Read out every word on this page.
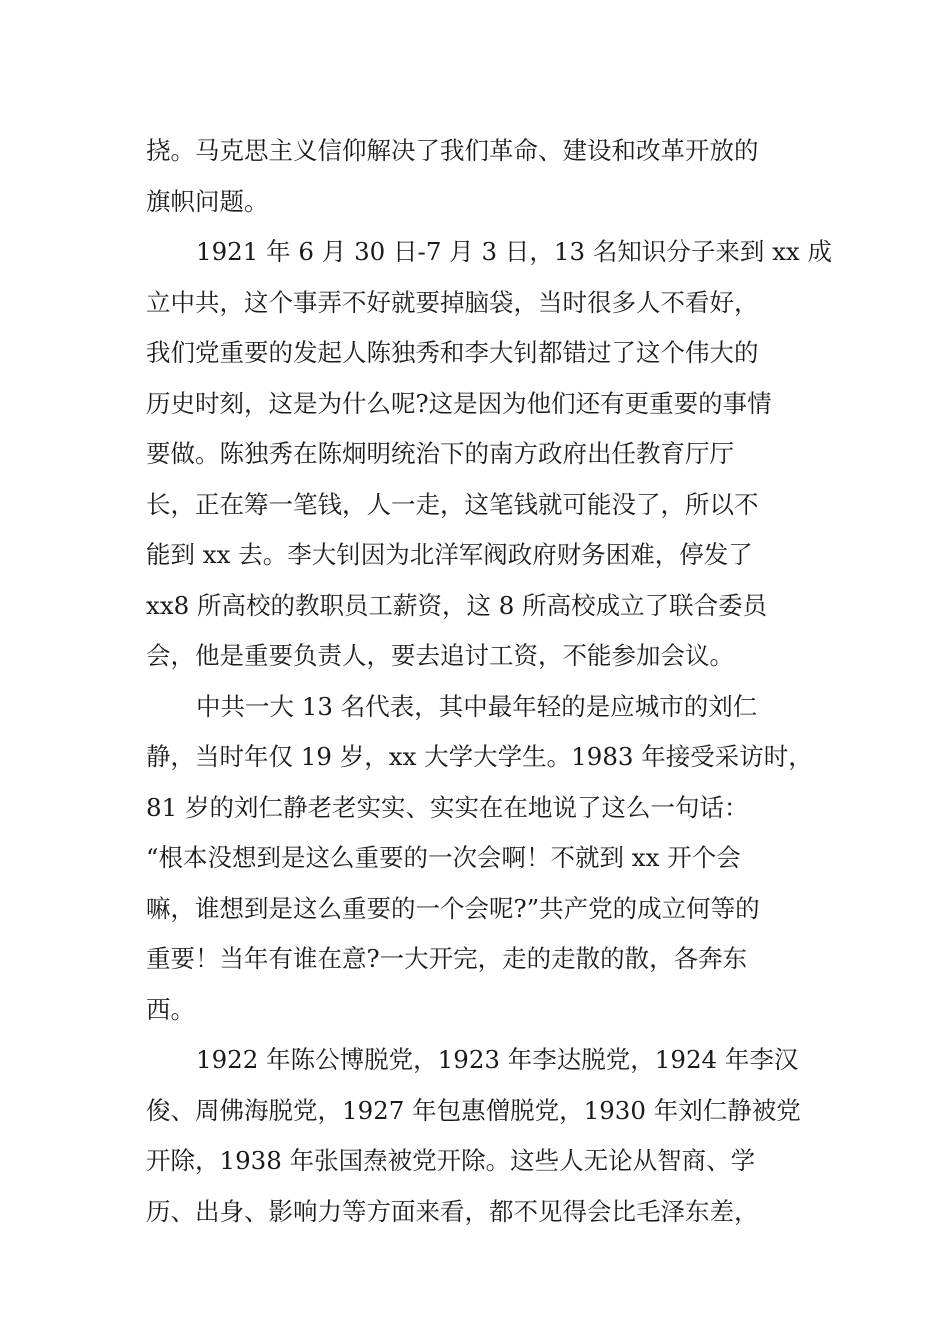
挠。马克思主义信仰解决了我们革命、建设和改革开放的
旗帜问题。
1921 年 6 月 30 日-7 月 3 日，13 名知识分子来到 xx 成
立中共，这个事弄不好就要掉脑袋，当时很多人不看好，
我们党重要的发起人陈独秀和李大钊都错过了这个伟大的
历史时刻，这是为什么呢?这是因为他们还有更重要的事情
要做。陈独秀在陈炯明统治下的南方政府出任教育厅厅
长，正在筹一笔钱，人一走，这笔钱就可能没了，所以不
能到 xx 去。李大钊因为北洋军阀政府财务困难，停发了
xx8 所高校的教职员工薪资，这 8 所高校成立了联合委员
会，他是重要负责人，要去追讨工资，不能参加会议。
中共一大 13 名代表，其中最年轻的是应城市的刘仁
静，当时年仅 19 岁，xx 大学大学生。1983 年接受采访时，
81 岁的刘仁静老老实实、实实在在地说了这么一句话：
“根本没想到是这么重要的一次会啊！不就到 xx 开个会
嘛，谁想到是这么重要的一个会呢?”共产党的成立何等的
重要！当年有谁在意?一大开完，走的走散的散，各奔东
西。
1922 年陈公博脱党，1923 年李达脱党，1924 年李汉
俊、周佛海脱党，1927 年包惠僧脱党，1930 年刘仁静被党
开除，1938 年张国焘被党开除。这些人无论从智商、学
历、出身、影响力等方面来看，都不见得会比毛泽东差，
